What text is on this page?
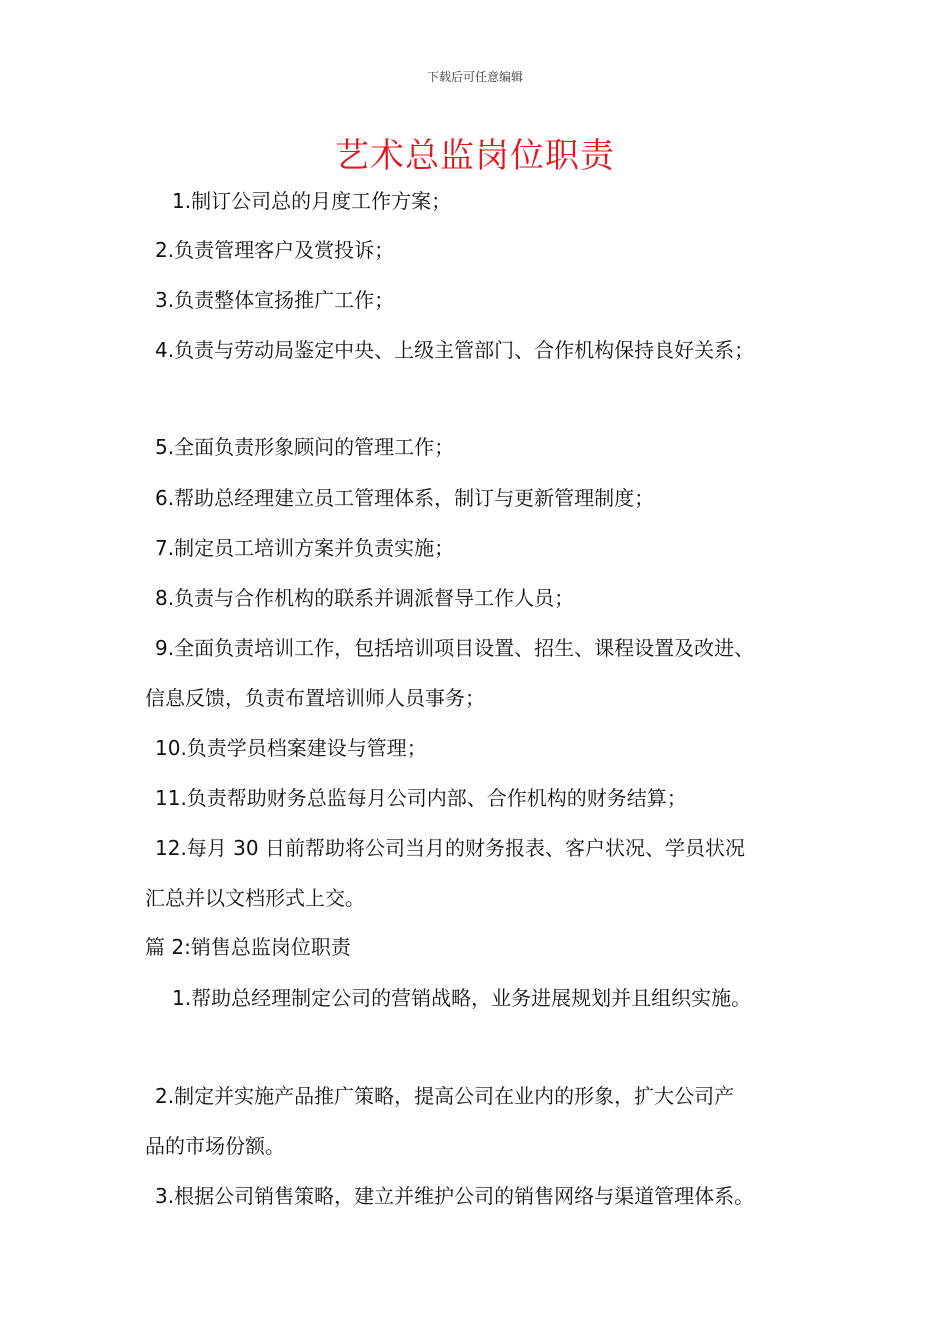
下载后可任意编辑
艺术总监岗位职责
1.制订公司总的月度工作方案；
2.负责管理客户及赏投诉；
3.负责整体宣扬推广工作；
4.负责与劳动局鉴定中央、上级主管部门、合作机构保持良好关系；
5.全面负责形象顾问的管理工作；
6.帮助总经理建立员工管理体系，制订与更新管理制度；
7.制定员工培训方案并负责实施；
8.负责与合作机构的联系并调派督导工作人员；
9.全面负责培训工作，包括培训项目设置、招生、课程设置及改进、
信息反馈，负责布置培训师人员事务；
10.负责学员档案建设与管理；
11.负责帮助财务总监每月公司内部、合作机构的财务结算；
12.每月 30 日前帮助将公司当月的财务报表、客户状况、学员状况
汇总并以文档形式上交。
篇 2:销售总监岗位职责
1.帮助总经理制定公司的营销战略，业务进展规划并且组织实施。
2.制定并实施产品推广策略，提高公司在业内的形象，扩大公司产
品的市场份额。
3.根据公司销售策略，建立并维护公司的销售网络与渠道管理体系。
